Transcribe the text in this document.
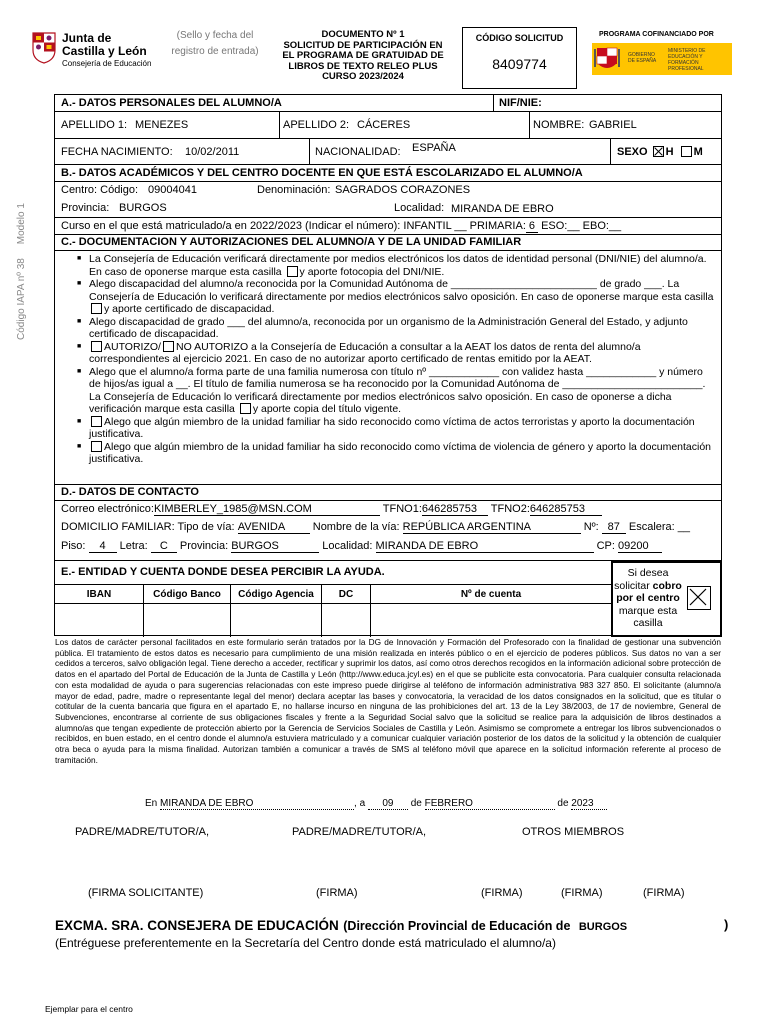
Junta de
Castilla y León
Consejería de Educación
(Sello y fecha del registro de entrada)
DOCUMENTO Nº 1
SOLICITUD DE PARTICIPACIÓN EN
EL PROGRAMA DE GRATUIDAD DE
LIBROS DE TEXTO RELEO PLUS
CURSO 2023/2024
CÓDIGO SOLICITUD
8409774
PROGRAMA COFINANCIADO POR
GOBIERNO DE ESPAÑA
MINISTERIO DE EDUCACIÓN Y FORMACIÓN PROFESIONAL
Código IAPA nº 38     Modelo 1
A.- DATOS PERSONALES DEL ALUMNO/A	NIF/NIE:
APELLIDO 1: MENEZES	APELLIDO 2: CÁCERES	NOMBRE: GABRIEL
FECHA NACIMIENTO: 10/02/2011	NACIONALIDAD: ESPAÑA	SEXO H M
B.- DATOS ACADÉMICOS Y DEL CENTRO DOCENTE EN QUE ESTÁ ESCOLARIZADO EL ALUMNO/A
Centro: Código: 09004041	Denominación: SAGRADOS CORAZONES
Provincia: BURGOS	Localidad: MIRANDA DE EBRO
Curso en el que está matriculado/a en 2022/2023 (Indicar el número): INFANTIL __ PRIMARIA: 6 ESO:__ EBO:__
C.- DOCUMENTACION Y AUTORIZACIONES DEL ALUMNO/A Y DE LA UNIDAD FAMILIAR
■ La Consejería de Educación verificará directamente por medios electrónicos los datos de identidad personal (DNI/NIE) del alumno/a. En caso de oponerse marque esta casilla y aporte fotocopia del DNI/NIE.
■ Alego discapacidad del alumno/a reconocida por la Comunidad Autónoma de _________________________ de grado ___. La Consejería de Educación lo verificará directamente por medios electrónicos salvo oposición. En caso de oponerse marque esta casilla y aporte certificado de discapacidad.
■ Alego discapacidad de grado ___ del alumno/a, reconocida por un organismo de la Administración General del Estado, y adjunto certificado de discapacidad.
■ AUTORIZO/ NO AUTORIZO a la Consejería de Educación a consultar a la AEAT los datos de renta del alumno/a correspondientes al ejercicio 2021. En caso de no autorizar aporto certificado de rentas emitido por la AEAT.
■ Alego que el alumno/a forma parte de una familia numerosa con título nº ____________ con validez hasta ____________ y número de hijos/as igual a __. El título de familia numerosa se ha reconocido por la Comunidad Autónoma de ________________________. La Consejería de Educación lo verificará directamente por medios electrónicos salvo oposición. En caso de oponerse a dicha verificación marque esta casilla y aporte copia del título vigente.
■ Alego que algún miembro de la unidad familiar ha sido reconocido como víctima de actos terroristas y aporto la documentación justificativa.
■ Alego que algún miembro de la unidad familiar ha sido reconocido como víctima de violencia de género y aporto la documentación justificativa.
D.- DATOS DE CONTACTO
Correo electrónico:KIMBERLEY_1985@MSN.COM	TFNO1:646285753 TFNO2:646285753
DOMICILIO FAMILIAR: Tipo de vía: AVENIDA	Nombre de la vía: REPÚBLICA ARGENTINA	Nº: 87 Escalera: __
Piso: 4 Letra: C Provincia: BURGOS	Localidad: MIRANDA DE EBRO	CP: 09200
E.- ENTIDAD Y CUENTA DONDE DESEA PERCIBIR LA AYUDA.
IBAN	Código Banco	Código Agencia	DC	Nº de cuenta
Si desea
solicitar cobro
por el centro
marque esta
casilla
Los datos de carácter personal facilitados en este formulario serán tratados por la DG de Innovación y Formación del Profesorado con la finalidad de gestionar una subvención pública. El tratamiento de estos datos es necesario para cumplimiento de una misión realizada en interés público o en el ejercicio de poderes públicos. Sus datos no van a ser cedidos a terceros, salvo obligación legal. Tiene derecho a acceder, rectificar y suprimir los datos, así como otros derechos recogidos en la información adicional sobre protección de datos en el apartado del Portal de Educación de la Junta de Castilla y León (http://www.educa.jcyl.es) en el que se publicite esta convocatoria. Para cualquier consulta relacionada con esta modalidad de ayuda o para sugerencias relacionadas con este impreso puede dirigirse al teléfono de información administrativa 983 327 850. El solicitante (alumno/a mayor de edad, padre, madre o representante legal del menor) declara aceptar las bases y convocatoria, la veracidad de los datos consignados en la solicitud, que es titular o cotitular de la cuenta bancaria que figura en el apartado E, no hallarse incurso en ninguna de las prohibiciones del art. 13 de la Ley 38/2003, de 17 de noviembre, General de Subvenciones, encontrarse al corriente de sus obligaciones fiscales y frente a la Seguridad Social salvo que la solicitud se realice para la adquisición de libros destinados a alumno/as que tengan expediente de protección abierto por la Gerencia de Servicios Sociales de Castilla y León. Asimismo se compromete a entregar los libros subvencionados o recibidos, en buen estado, en el centro donde el alumno/a estuviera matriculado y a comunicar cualquier variación posterior de los datos de la solicitud y la obtención de cualquier otra beca o ayuda para la misma finalidad. Autorizan también a comunicar a través de SMS al teléfono móvil que aparece en la solicitud información referente al proceso de tramitación.
En MIRANDA DE EBRO	, a 09 de FEBRERO	de 2023
PADRE/MADRE/TUTOR/A,	PADRE/MADRE/TUTOR/A,	OTROS MIEMBROS
(FIRMA SOLICITANTE)	(FIRMA)	(FIRMA)	(FIRMA)	(FIRMA)
EXCMA. SRA. CONSEJERA DE EDUCACIÓN (Dirección Provincial de Educación de BURGOS	)
(Entréguese preferentemente en la Secretaría del Centro donde está matriculado el alumno/a)
Ejemplar para el centro
